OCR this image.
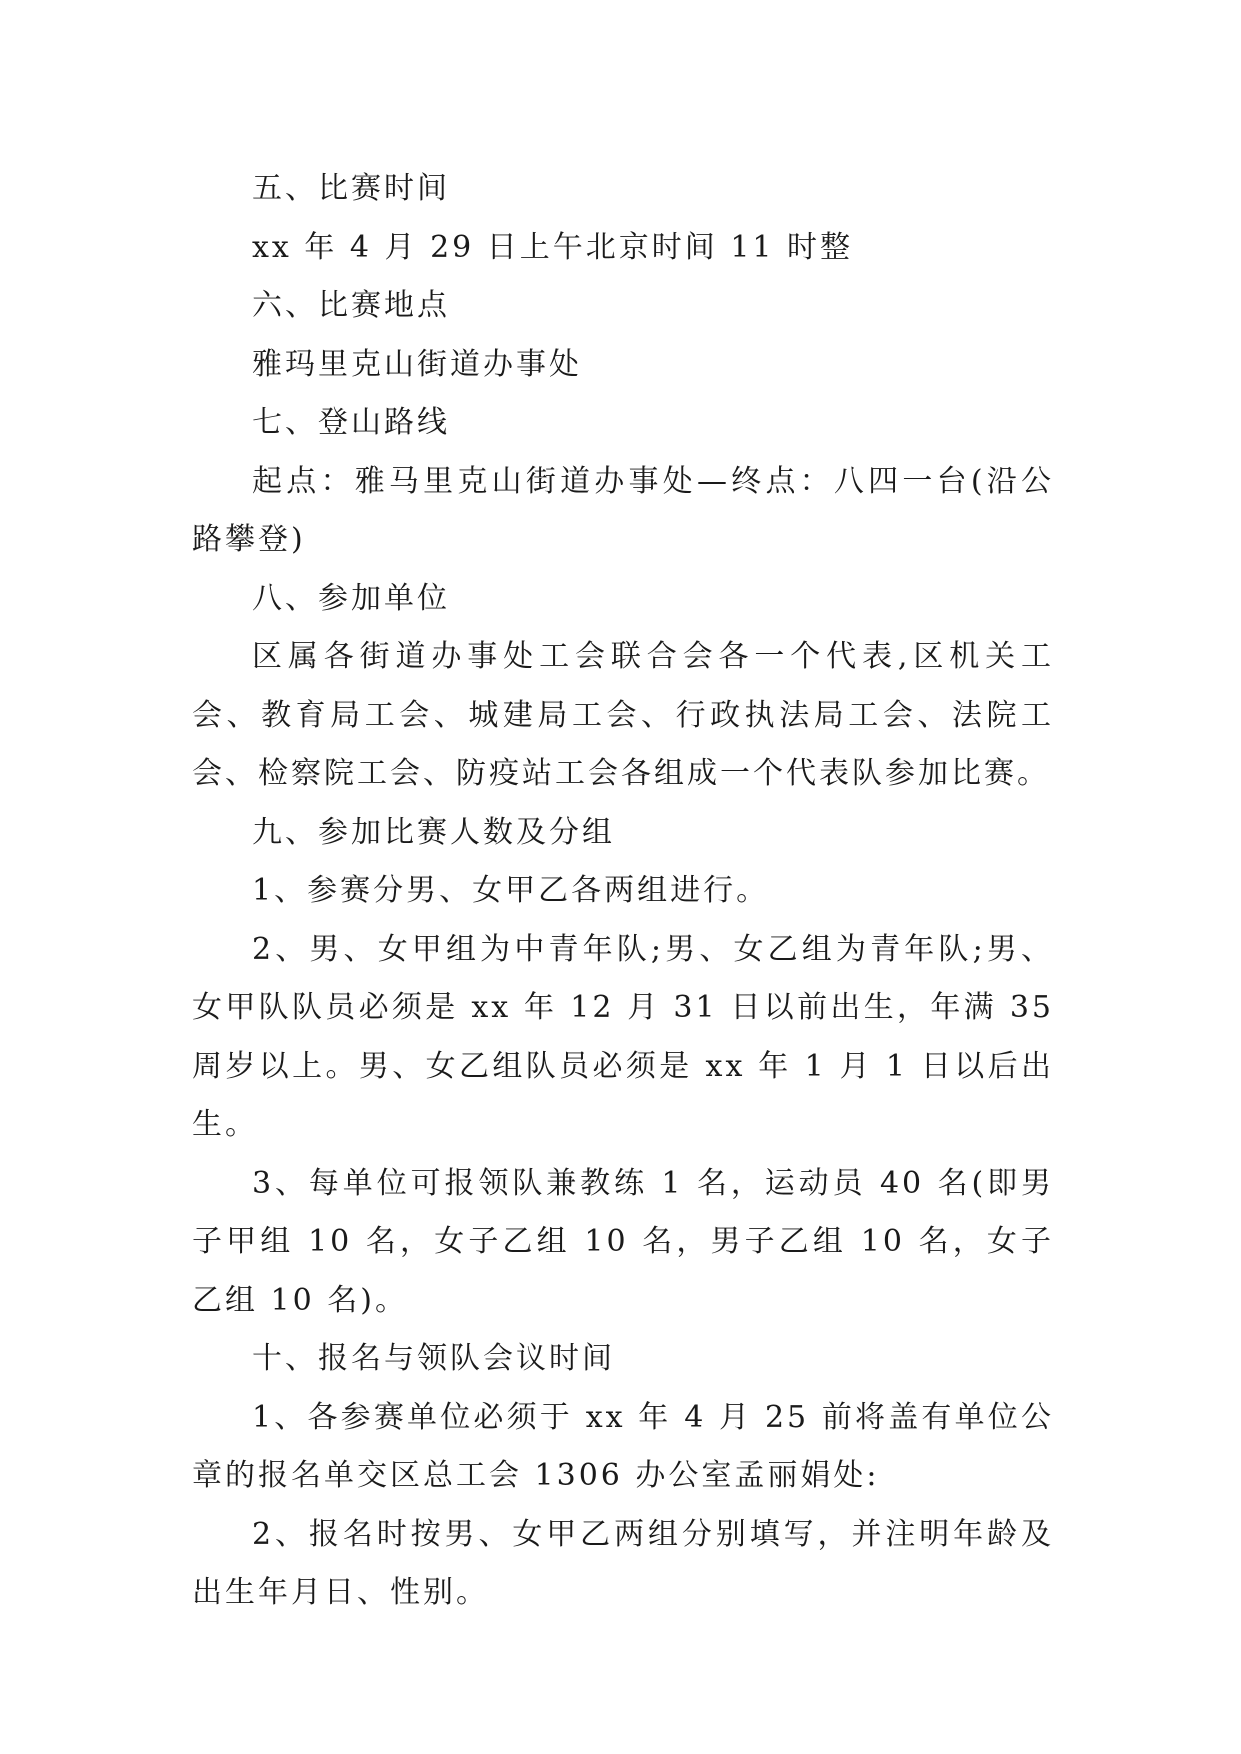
五、比赛时间

xx 年 4 月 29 日上午北京时间 11 时整

六、比赛地点

雅玛里克山街道办事处

七、登山路线

起点：雅马里克山街道办事处—终点：八四一台(沿公路攀登)

八、参加单位

区属各街道办事处工会联合会各一个代表,区机关工会、教育局工会、城建局工会、行政执法局工会、法院工会、检察院工会、防疫站工会各组成一个代表队参加比赛。

九、参加比赛人数及分组

1、参赛分男、女甲乙各两组进行。

2、男、女甲组为中青年队;男、女乙组为青年队;男、女甲队队员必须是 xx 年 12 月 31 日以前出生，年满 35 周岁以上。男、女乙组队员必须是 xx 年 1 月 1 日以后出生。

3、每单位可报领队兼教练 1 名，运动员 40 名(即男子甲组 10 名，女子乙组 10 名，男子乙组 10 名，女子乙组 10 名)。

十、报名与领队会议时间

1、各参赛单位必须于 xx 年 4 月 25 前将盖有单位公章的报名单交区总工会 1306 办公室孟丽娟处:

2、报名时按男、女甲乙两组分别填写，并注明年龄及出生年月日、性别。
